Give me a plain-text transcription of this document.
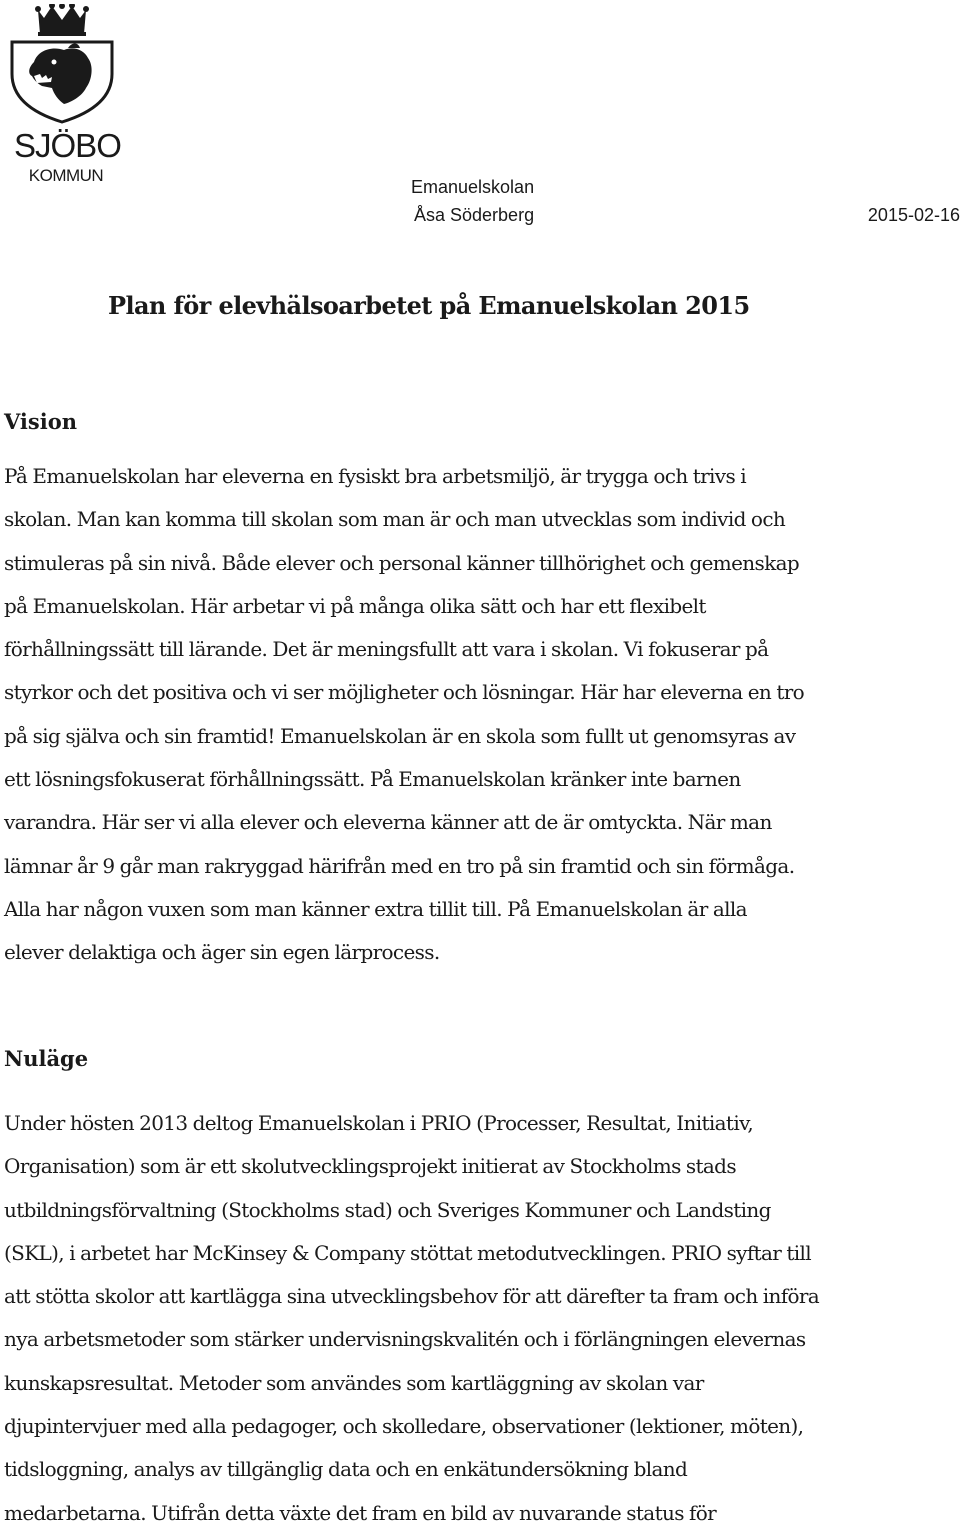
SJÖBO
KOMMUN
Emanuelskolan
Åsa Söderberg	2015-02-16
Plan för elevhälsoarbetet på Emanuelskolan 2015
Vision

På Emanuelskolan har eleverna en fysiskt bra arbetsmiljö, är trygga och trivs i
skolan. Man kan komma till skolan som man är och man utvecklas som individ och
stimuleras på sin nivå. Både elever och personal känner tillhörighet och gemenskap
på Emanuelskolan. Här arbetar vi på många olika sätt och har ett flexibelt
förhållningssätt till lärande. Det är meningsfullt att vara i skolan. Vi fokuserar på
styrkor och det positiva och vi ser möjligheter och lösningar. Här har eleverna en tro
på sig själva och sin framtid! Emanuelskolan är en skola som fullt ut genomsyras av
ett lösningsfokuserat förhållningssätt. På Emanuelskolan kränker inte barnen
varandra. Här ser vi alla elever och eleverna känner att de är omtyckta. När man
lämnar år 9 går man rakryggad härifrån med en tro på sin framtid och sin förmåga.
Alla har någon vuxen som man känner extra tillit till. På Emanuelskolan är alla
elever delaktiga och äger sin egen lärprocess.

Nuläge

Under hösten 2013 deltog Emanuelskolan i PRIO (Processer, Resultat, Initiativ,
Organisation) som är ett skolutvecklingsprojekt initierat av Stockholms stads
utbildningsförvaltning (Stockholms stad) och Sveriges Kommuner och Landsting
(SKL), i arbetet har McKinsey & Company stöttat metodutvecklingen. PRIO syftar till
att stötta skolor att kartlägga sina utvecklingsbehov för att därefter ta fram och införa
nya arbetsmetoder som stärker undervisningskvalitén och i förlängningen elevernas
kunskapsresultat. Metoder som användes som kartläggning av skolan var
djupintervjuer med alla pedagoger, och skolledare, observationer (lektioner, möten),
tidsloggning, analys av tillgänglig data och en enkätundersökning bland
medarbetarna. Utifrån detta växte det fram en bild av nuvarande status för
